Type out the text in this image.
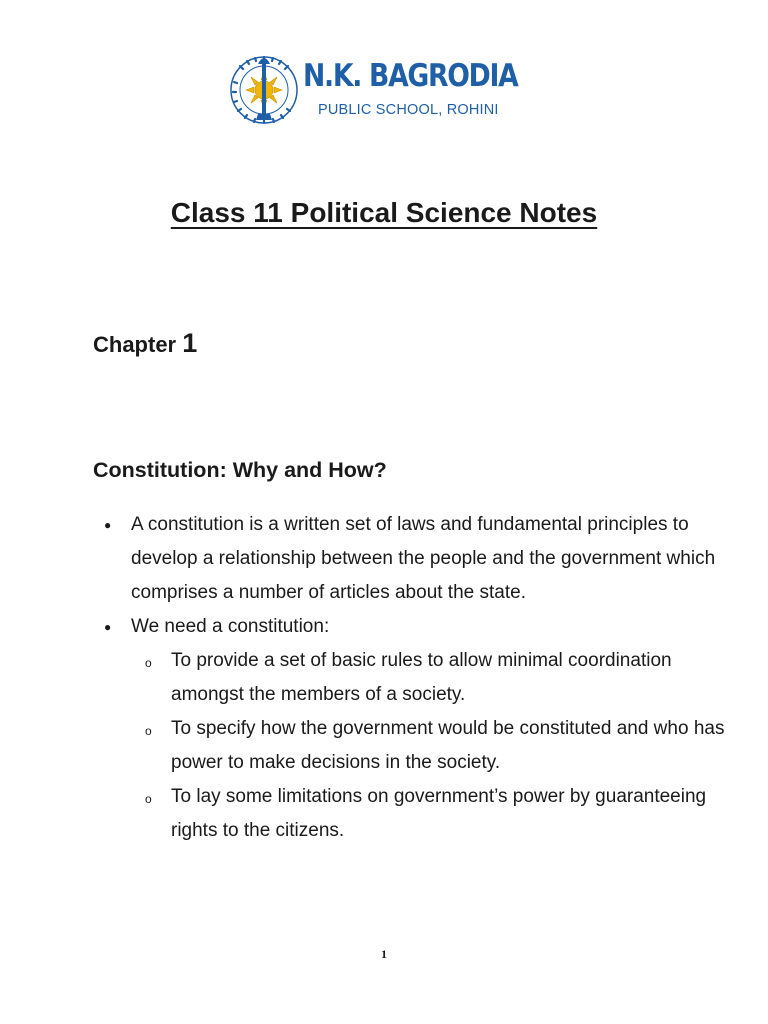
N.K. BAGRODIA
PUBLIC SCHOOL, ROHINI
Class 11 Political Science Notes
Chapter 1
Constitution: Why and How?
● A constitution is a written set of laws and fundamental principles to develop a relationship between the people and the government which comprises a number of articles about the state.
● We need a constitution:
o To provide a set of basic rules to allow minimal coordination amongst the members of a society.
o To specify how the government would be constituted and who has power to make decisions in the society.
o To lay some limitations on government’s power by guaranteeing rights to the citizens.
1
